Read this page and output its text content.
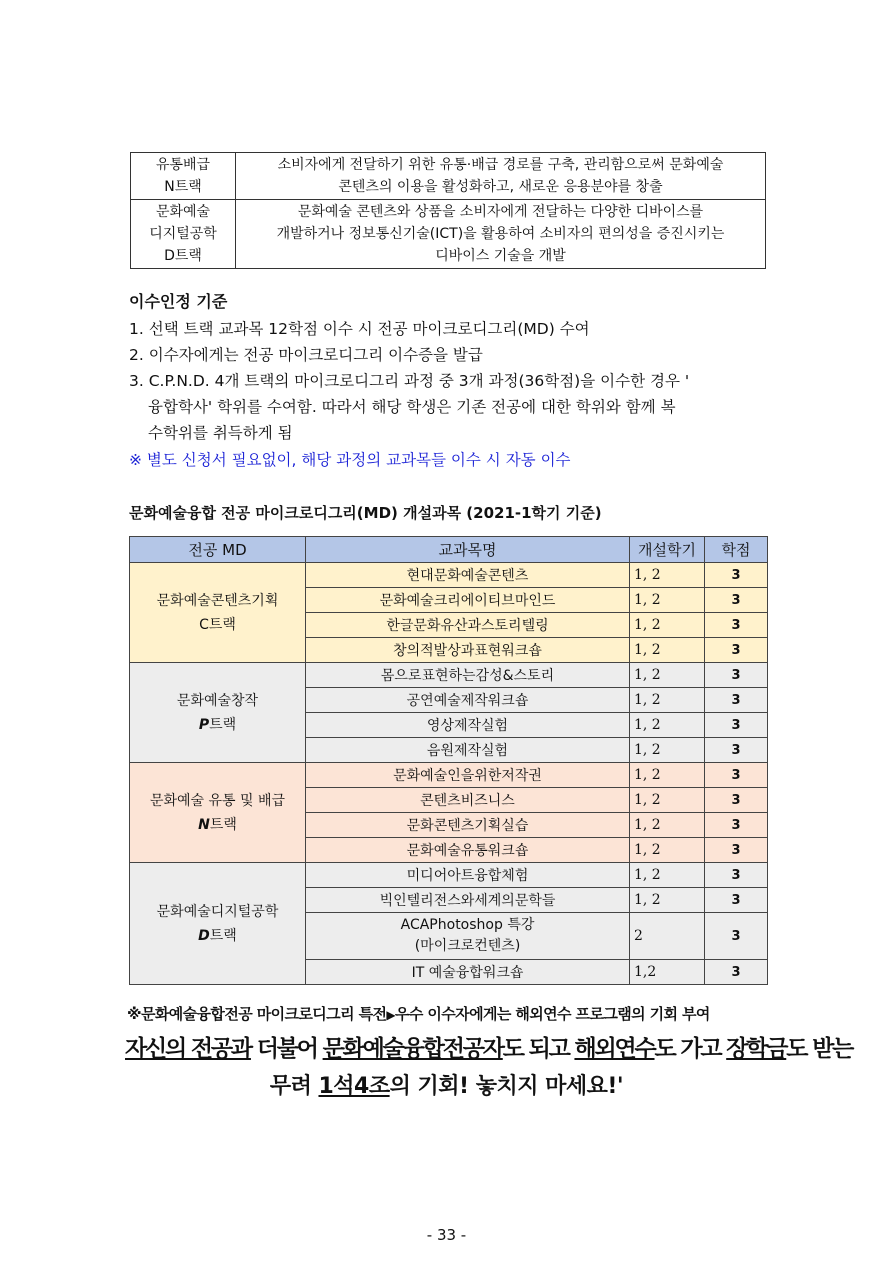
유통배급
N트랙	소비자에게 전달하기 위한 유통·배급 경로를 구축, 관리함으로써 문화예술
콘텐츠의 이용을 활성화하고, 새로운 응용분야를 창출

문화예술
디지털공학
D트랙	문화예술 콘텐츠와 상품을 소비자에게 전달하는 다양한 디바이스를
개발하거나 정보통신기술(ICT)을 활용하여 소비자의 편의성을 증진시키는
디바이스 기술을 개발
이수인정 기준
1. 선택 트랙 교과목 12학점 이수 시 전공 마이크로디그리(MD) 수여
2. 이수자에게는 전공 마이크로디그리 이수증을 발급
3. C.P.N.D. 4개 트랙의 마이크로디그리 과정 중 3개 과정(36학점)을 이수한 경우 '
융합학사' 학위를 수여함. 따라서 해당 학생은 기존 전공에 대한 학위와 함께 복
수학위를 취득하게 됨
※ 별도 신청서 필요없이, 해당 과정의 교과목들 이수 시 자동 이수
문화예술융합 전공 마이크로디그리(MD) 개설과목 (2021-1학기 기준)
전공 MD	교과목명	개설학기	학점

문화예술콘텐츠기획
C트랙	현대문화예술콘텐츠	1, 2	3
	문화예술크리에이티브마인드	1, 2	3
	한글문화유산과스토리텔링	1, 2	3
	창의적발상과표현워크숍	1, 2	3

문화예술창작
P트랙	몸으로표현하는감성&스토리	1, 2	3
	공연예술제작워크숍	1, 2	3
	영상제작실험	1, 2	3
	음원제작실험	1, 2	3

문화예술 유통 및 배급
N트랙	문화예술인을위한저작권	1, 2	3
	콘텐츠비즈니스	1, 2	3
	문화콘텐츠기획실습	1, 2	3
	문화예술유통워크숍	1, 2	3

문화예술디지털공학
D트랙	미디어아트융합체험	1, 2	3
	빅인텔리전스와세계의문학들	1, 2	3

	ACAPhotoshop 특강
(마이크로컨텐츠)	2	3
	IT 예술융합워크숍	1,2	3
※문화예술융합전공 마이크로디그리 특전▶우수 이수자에게는 해외연수 프로그램의 기회 부여
자신의 전공과 더불어 문화예술융합전공자도 되고 해외연수도 가고 장학금도 받는
무려 1석4조의 기회! 놓치지 마세요!'
- 33 -
